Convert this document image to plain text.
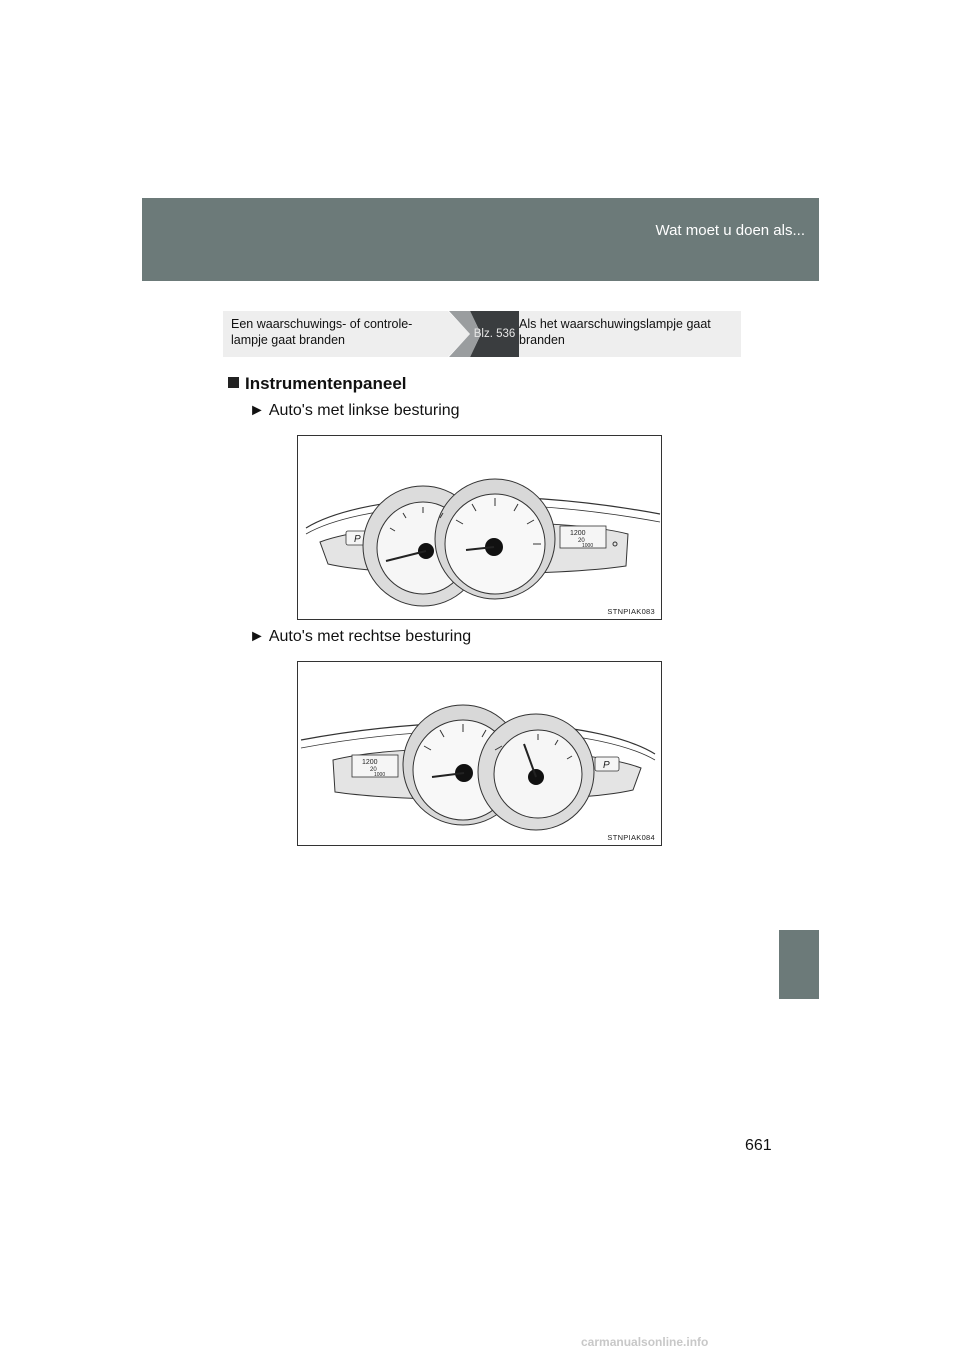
Wat moet u doen als...
Een waarschuwings- of controle-
lampje gaat branden	Blz. 536
Als het waarschuwingslampje gaat
branden
Instrumentenpaneel
► Auto's met linkse besturing
P
1200
20
1000
STNPIAK083
► Auto's met rechtse besturing
1200
20
1000
P
STNPIAK084
661
carmanualsonline.info
